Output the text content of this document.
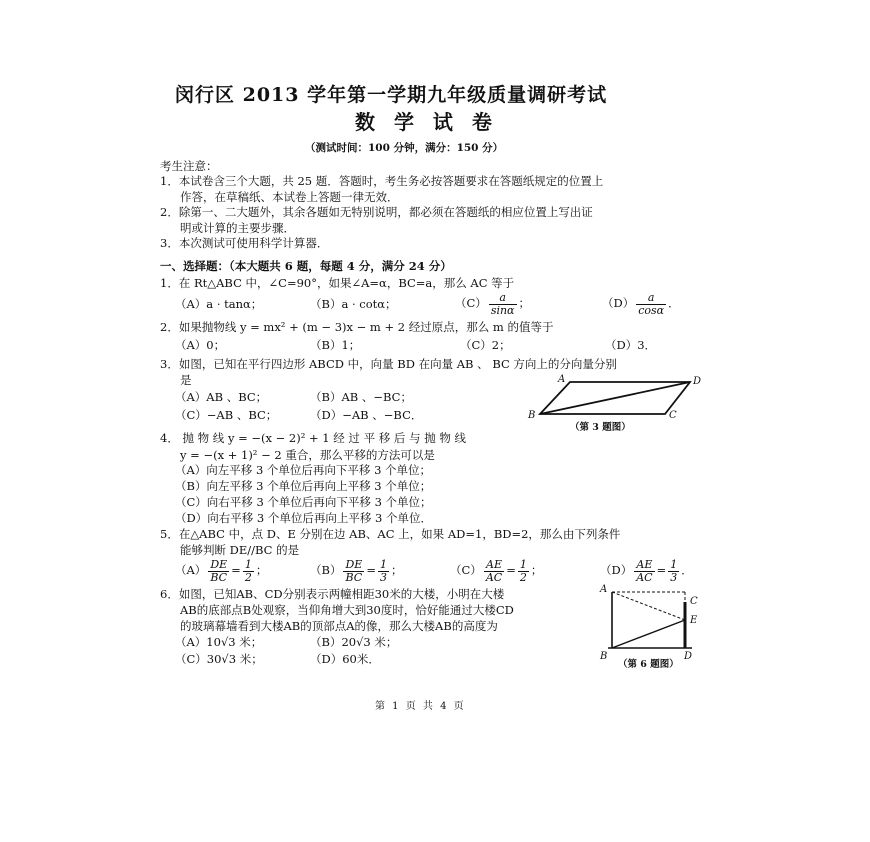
闵行区 2013 学年第一学期九年级质量调研考试
数 学 试 卷
（测试时间：100 分钟，满分：150 分）
考生注意：
1．本试卷含三个大题，共 25 题．答题时，考生务必按答题要求在答题纸规定的位置上
作答，在草稿纸、本试卷上答题一律无效．
2．除第一、二大题外，其余各题如无特别说明，都必须在答题纸的相应位置上写出证
明或计算的主要步骤．
3．本次测试可使用科学计算器．
一、选择题：（本大题共 6 题，每题 4 分，满分 24 分）
1．在 Rt△ABC 中，∠C=90°，如果∠A=α，BC=a，那么 AC 等于
（A）a · tanα；	（B）a · cotα；	$(C) \frac{a}{\sin\alpha}$ ；	$(D) \frac{a}{\cos\alpha}$ ．
2．如果抛物线 y = mx² + (m − 3)x − m + 2 经过原点，那么 m 的值等于
（A）0；	（B）1；	（C）2；	（D）3．
3．如图，已知在平行四边形 ABCD 中，向量 BD 在向量 AB 、 BC 方向上的分向量分别
是
（A）AB 、BC；	（B）AB 、−BC；
（C）−AB 、BC；	（D）−AB 、−BC．
A	D
B	C
（第 3 题图）
4． 抛 物 线 y = −(x − 2)² + 1 经 过 平 移 后 与 抛 物 线
y = −(x + 1)² − 2 重合，那么平移的方法可以是
（A）向左平移 3 个单位后再向下平移 3 个单位；
（B）向左平移 3 个单位后再向上平移 3 个单位；
（C）向右平移 3 个单位后再向下平移 3 个单位；
（D）向右平移 3 个单位后再向上平移 3 个单位．
5．在△ABC 中，点 D、E 分别在边 AB、AC 上，如果 AD=1，BD=2，那么由下列条件
能够判断 DE//BC 的是
$(A) \frac{DE}{BC} = \frac{1}{2}$ ；	$(B) \frac{DE}{BC} = \frac{1}{3}$ ；	$(C) \frac{AE}{AC} = \frac{1}{2}$ ；	$(D) \frac{AE}{AC} = \frac{1}{3}$ ．
6．如图，已知AB、CD分别表示两幢相距30米的大楼，小明在大楼
AB的底部点B处观察，当仰角增大到30度时，恰好能通过大楼CD
的玻璃幕墙看到大楼AB的顶部点A的像，那么大楼AB的高度为
（A）10√3 米；	（B）20√3 米；
（C）30√3 米；	（D）60米．
A
C
E
B	D
（第 6 题图）
第 1 页 共 4 页
